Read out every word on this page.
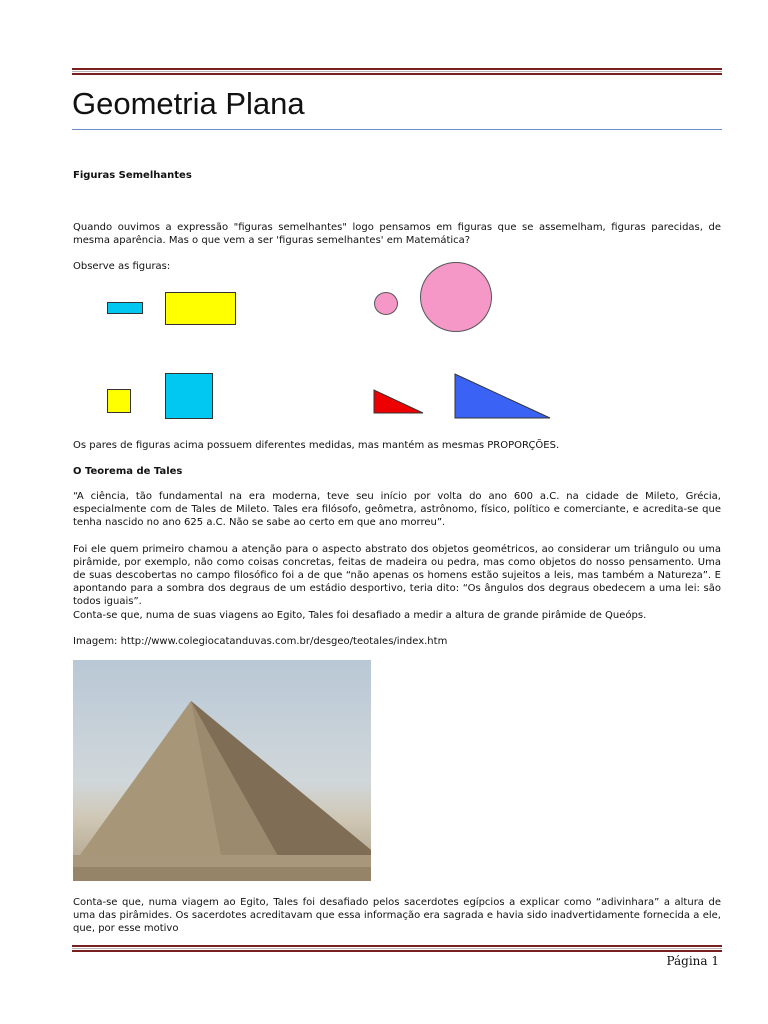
Geometria Plana

Figuras Semelhantes

Quando ouvimos a expressão "figuras semelhantes" logo pensamos em figuras que se assemelham, figuras parecidas, de mesma aparência. Mas o que vem a ser 'figuras semelhantes' em Matemática?

Observe as figuras:

Os pares de figuras acima possuem diferentes medidas, mas mantém as mesmas PROPORÇÕES.

O Teorema de Tales

“A ciência, tão fundamental na era moderna, teve seu início por volta do ano 600 a.C. na cidade de Mileto, Grécia, especialmente com de Tales de Mileto. Tales era filósofo, geômetra, astrônomo, físico, político e comerciante, e acredita-se que tenha nascido no ano 625 a.C. Não se sabe ao certo em que ano morreu”.

Foi ele quem primeiro chamou a atenção para o aspecto abstrato dos objetos geométricos, ao considerar um triângulo ou uma pirâmide, por exemplo, não como coisas concretas, feitas de madeira ou pedra, mas como objetos do nosso pensamento. Uma de suas descobertas no campo filosófico foi a de que “não apenas os homens estão sujeitos a leis, mas também a Natureza”. E apontando para a sombra dos degraus de um estádio desportivo, teria dito: “Os ângulos dos degraus obedecem a uma lei: são todos iguais”.

Conta-se que, numa de suas viagens ao Egito, Tales foi desafiado a medir a altura de grande pirâmide de Queóps.

Imagem: http://www.colegiocatanduvas.com.br/desgeo/teotales/index.htm

Conta-se que, numa viagem ao Egito, Tales foi desafiado pelos sacerdotes egípcios a explicar como “adivinhara” a altura de uma das pirâmides. Os sacerdotes acreditavam que essa informação era sagrada e havia sido inadvertidamente fornecida a ele, que, por esse motivo

Página 1
